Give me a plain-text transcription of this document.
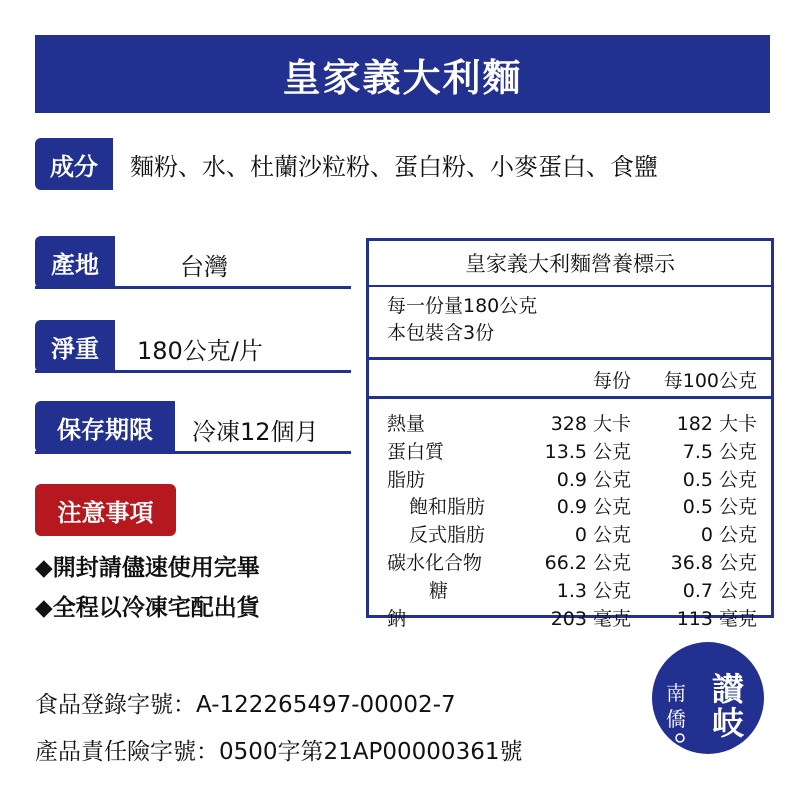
皇家義大利麵
成分	麵粉、水、杜蘭沙粒粉、蛋白粉、小麥蛋白、食鹽
產地	台灣
淨重	180公克/片
保存期限	冷凍12個月
注意事項
◆開封請儘速使用完畢
◆全程以冷凍宅配出貨
皇家義大利麵營養標示
每一份量180公克
本包裝含3份
每份 每100公克
熱量	328 大卡 182 大卡
蛋白質	13.5 公克	7.5 公克
脂肪	0.9 公克	0.5 公克
飽和脂肪	0.9 公克	0.5 公克
反式脂肪	0 公克	0 公克
碳水化合物	66.2 公克 36.8 公克
糖	1.3 公克	0.7 公克
鈉	203 毫克 113 毫克
食品登錄字號：A-122265497-00002-7
產品責任險字號：0500字第21AP00000361號
讃
岐
南
僑
